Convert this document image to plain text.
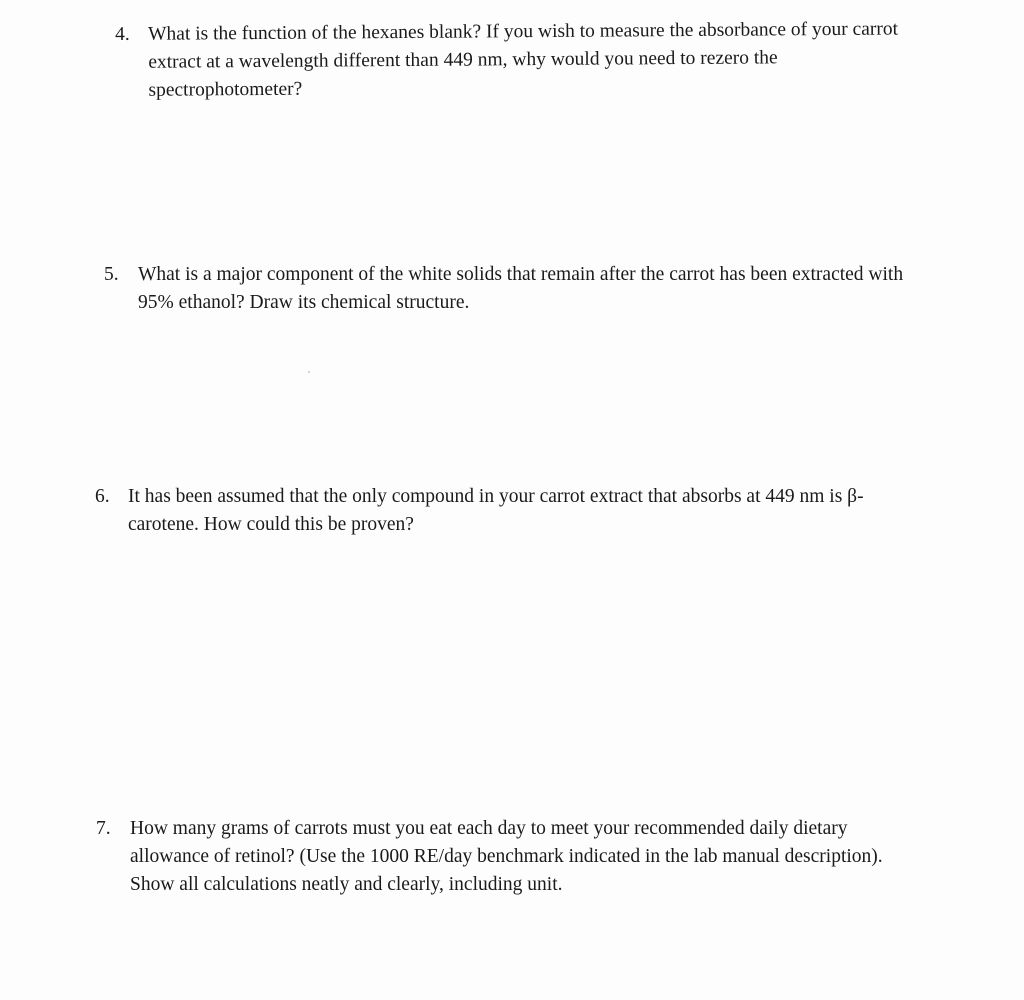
4. What is the function of the hexanes blank? If you wish to measure the absorbance of your carrot
extract at a wavelength different than 449 nm, why would you need to rezero the
spectrophotometer?
5. What is a major component of the white solids that remain after the carrot has been extracted with
95% ethanol? Draw its chemical structure.
6. It has been assumed that the only compound in your carrot extract that absorbs at 449 nm is β-
carotene. How could this be proven?
7. How many grams of carrots must you eat each day to meet your recommended daily dietary
allowance of retinol? (Use the 1000 RE/day benchmark indicated in the lab manual description).
Show all calculations neatly and clearly, including unit.
